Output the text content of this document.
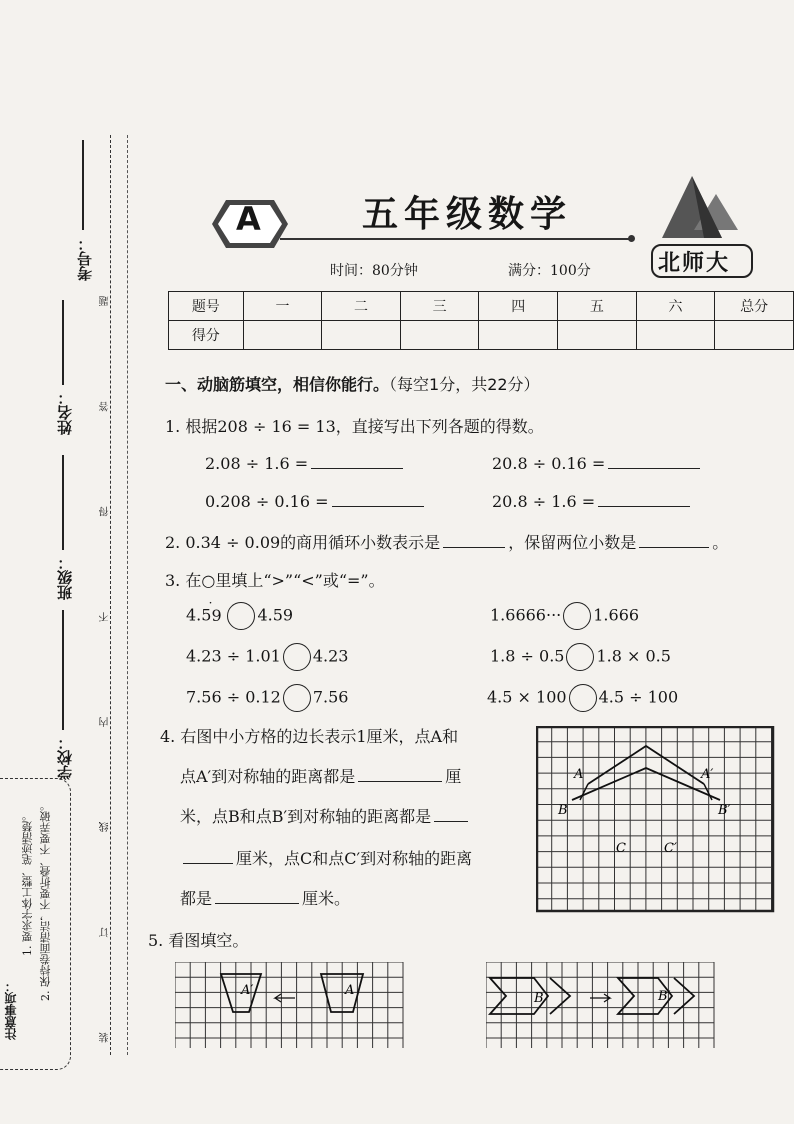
考号：
姓名：
班级：
学校：	装 订 线 内 不 得 答 题
注意事项：
1. 要求字体工整、笔迹清楚。 2. 保持卷面清洁，不要折叠、不要弄破。
A	五年级数学
北师大
时间：80分钟	满分：100分
题号	一	二	三	四	五	六	总分
得分							
一、动脑筋填空，相信你能行。（每空1分，共22分）
1. 根据208 ÷ 16 = 13，直接写出下列各题的得数。
2.08 ÷ 1.6 =	20.8 ÷ 0.16 =
0.208 ÷ 0.16 =	20.8 ÷ 1.6 =
2. 0.34 ÷ 0.09的商用循环小数表示是	，保留两位小数是	。
3. 在○里填上“>”“<”或“=”。
4.59·4.59	1.6666··· 1.666
4.23 ÷ 1.01 4.23	1.8 ÷ 0.5 1.8 × 0.5
7.56 ÷ 0.12 7.56	4.5 × 100 4.5 ÷ 100
4. 右图中小方格的边长表示1厘米，点A和
点A′到对称轴的距离都是	厘
米，点B和点B′到对称轴的距离都是
厘米，点C和点C′到对称轴的距离
都是	厘米。
A	A′
B	B′
C	C′
5. 看图填空。
A′	A
B	B′
